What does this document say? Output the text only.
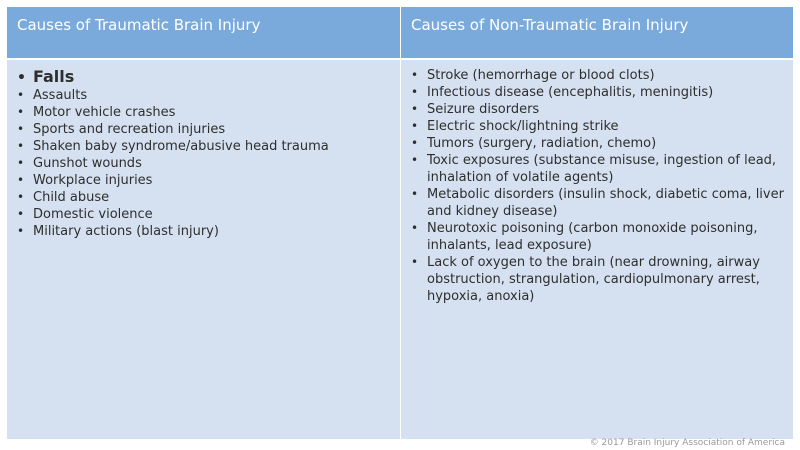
Causes of Traumatic Brain Injury	Causes of Non-Traumatic Brain Injury
• Falls
• Assaults
• Motor vehicle crashes
• Sports and recreation injuries
• Shaken baby syndrome/abusive head trauma
• Gunshot wounds
• Workplace injuries
• Child abuse
• Domestic violence
• Military actions (blast injury)
• Stroke (hemorrhage or blood clots)
• Infectious disease (encephalitis, meningitis)
• Seizure disorders
• Electric shock/lightning strike
• Tumors (surgery, radiation, chemo)
• Toxic exposures (substance misuse, ingestion of lead, inhalation of volatile agents)
• Metabolic disorders (insulin shock, diabetic coma, liver and kidney disease)
• Neurotoxic poisoning (carbon monoxide poisoning, inhalants, lead exposure)
• Lack of oxygen to the brain (near drowning, airway obstruction, strangulation, cardiopulmonary arrest, hypoxia, anoxia)
© 2017 Brain Injury Association of America
